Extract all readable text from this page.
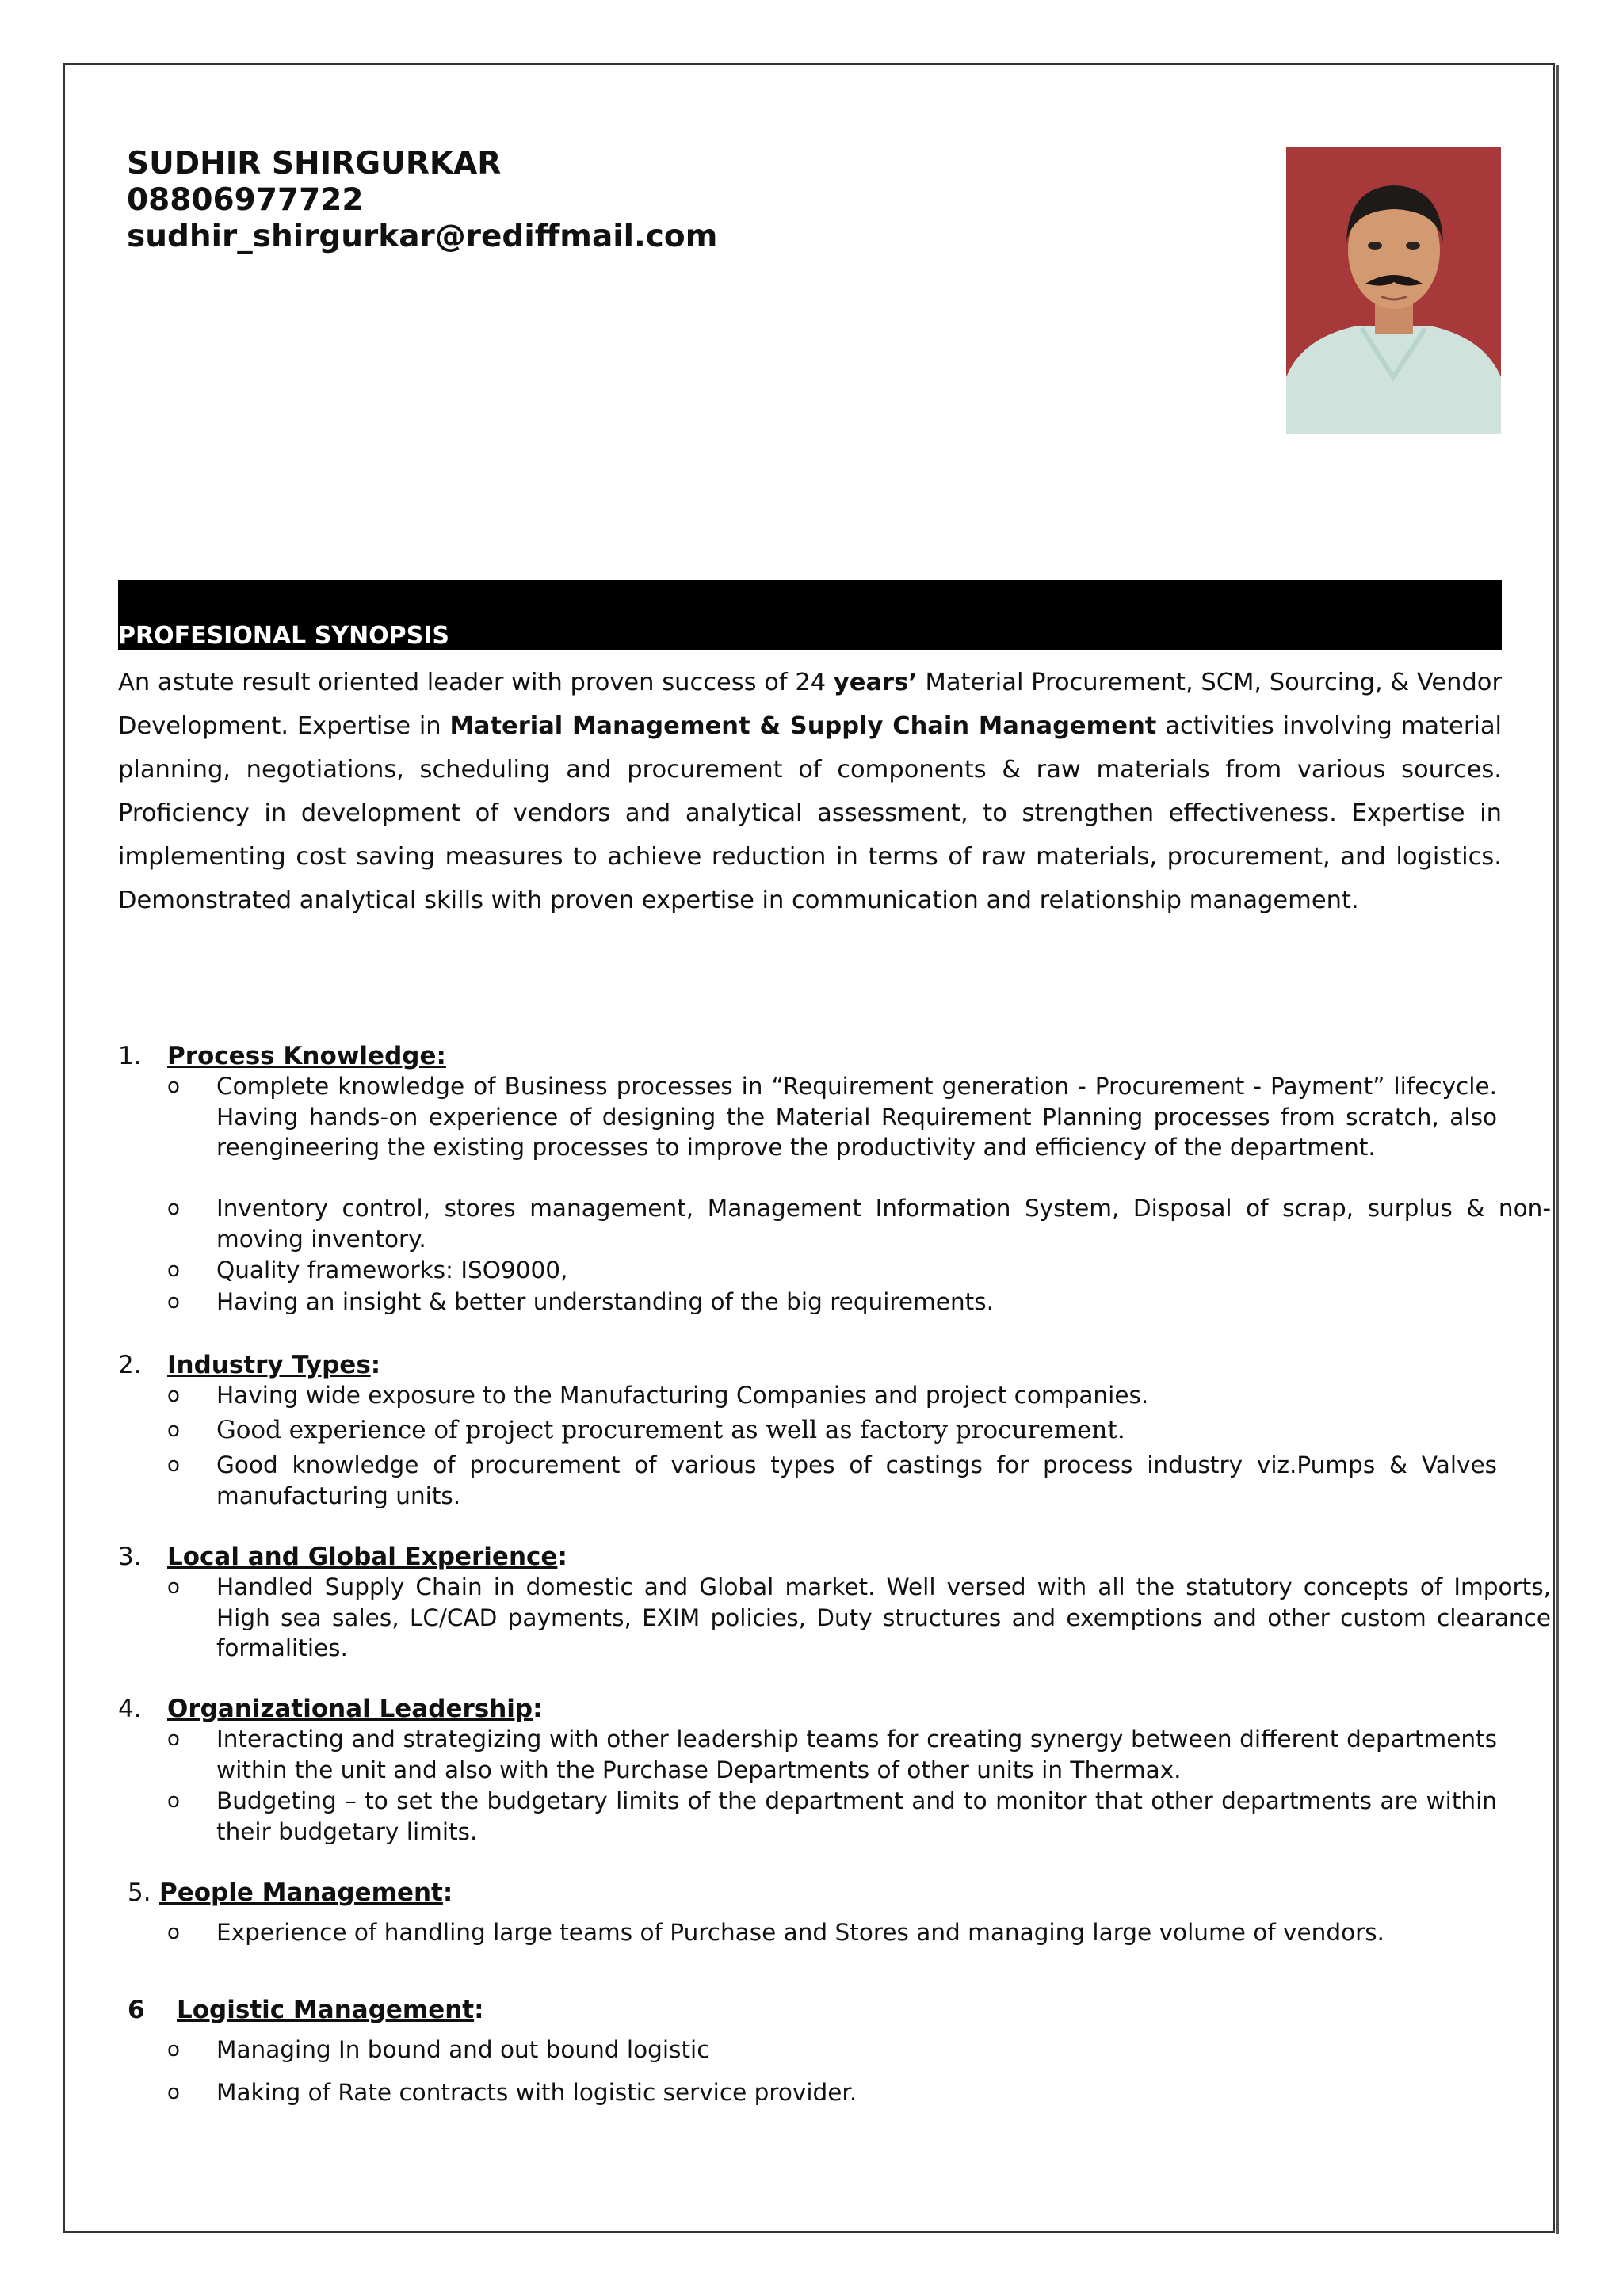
SUDHIR SHIRGURKAR
08806977722
sudhir_shirgurkar@rediffmail.com
PROFESIONAL SYNOPSIS
An astute result oriented leader with proven success of 24 years’ Material Procurement, SCM, Sourcing, & Vendor Development. Expertise in Material Management & Supply Chain Management activities involving material planning, negotiations, scheduling and procurement of components & raw materials from various sources. Proficiency in development of vendors and analytical assessment, to strengthen effectiveness. Expertise in implementing cost saving measures to achieve reduction in terms of raw materials, procurement, and logistics. Demonstrated analytical skills with proven expertise in communication and relationship management.
1. Process Knowledge:
o Complete knowledge of Business processes in “Requirement generation - Procurement - Payment” lifecycle. Having hands-on experience of designing the Material Requirement Planning processes from scratch, also reengineering the existing processes to improve the productivity and efficiency of the department.
o Inventory control, stores management, Management Information System, Disposal of scrap, surplus & non-moving inventory.
o Quality frameworks: ISO9000,
o Having an insight & better understanding of the big requirements.
2. Industry Types:
o Having wide exposure to the Manufacturing Companies and project companies.
o Good experience of project procurement as well as factory procurement.
o Good knowledge of procurement of various types of castings for process industry viz.Pumps & Valves manufacturing units.
3. Local and Global Experience:
o Handled Supply Chain in domestic and Global market. Well versed with all the statutory concepts of Imports, High sea sales, LC/CAD payments, EXIM policies, Duty structures and exemptions and other custom clearance formalities.
4. Organizational Leadership:
o Interacting and strategizing with other leadership teams for creating synergy between different departments within the unit and also with the Purchase Departments of other units in Thermax.
o Budgeting – to set the budgetary limits of the department and to monitor that other departments are within their budgetary limits.
5. People Management:
o Experience of handling large teams of Purchase and Stores and managing large volume of vendors.
6 Logistic Management:
o Managing In bound and out bound logistic
o Making of Rate contracts with logistic service provider.
